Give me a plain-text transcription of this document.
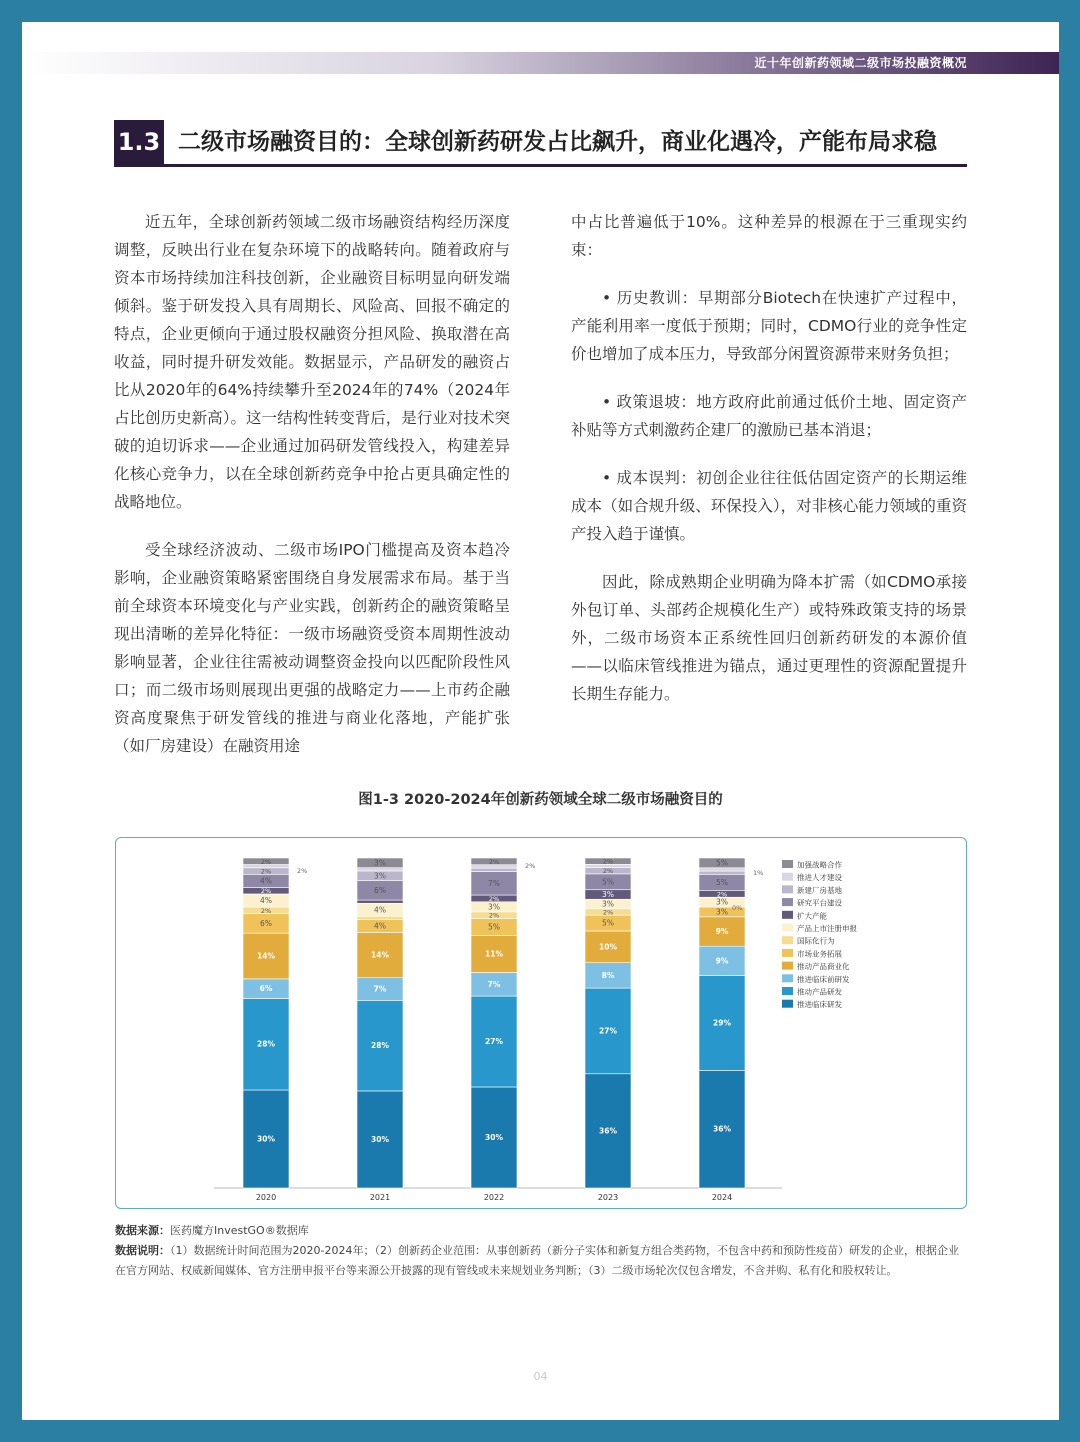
近十年创新药领域二级市场投融资概况
1.3 二级市场融资目的：全球创新药研发占比飙升，商业化遇冷，产能布局求稳

近五年，全球创新药领域二级市场融资结构经历深度调整，反映出行业在复杂环境下的战略转向。随着政府与资本市场持续加注科技创新，企业融资目标明显向研发端倾斜。鉴于研发投入具有周期长、风险高、回报不确定的特点，企业更倾向于通过股权融资分担风险、换取潜在高收益，同时提升研发效能。数据显示，产品研发的融资占比从2020年的64%持续攀升至2024年的74%（2024年占比创历史新高）。这一结构性转变背后，是行业对技术突破的迫切诉求——企业通过加码研发管线投入，构建差异化核心竞争力，以在全球创新药竞争中抢占更具确定性的战略地位。

受全球经济波动、二级市场IPO门槛提高及资本趋冷影响，企业融资策略紧密围绕自身发展需求布局。基于当前全球资本环境变化与产业实践，创新药企的融资策略呈现出清晰的差异化特征：一级市场融资受资本周期性波动影响显著，企业往往需被动调整资金投向以匹配阶段性风口；而二级市场则展现出更强的战略定力——上市药企融资高度聚焦于研发管线的推进与商业化落地，产能扩张（如厂房建设）在融资用途

中占比普遍低于10%。这种差异的根源在于三重现实约束：

• 历史教训：早期部分Biotech在快速扩产过程中，产能利用率一度低于预期；同时，CDMO行业的竞争性定价也增加了成本压力，导致部分闲置资源带来财务负担；

• 政策退坡：地方政府此前通过低价土地、固定资产补贴等方式刺激药企建厂的激励已基本消退；

• 成本误判：初创企业往往低估固定资产的长期运维成本（如合规升级、环保投入），对非核心能力领域的重资产投入趋于谨慎。

因此，除成熟期企业明确为降本扩需（如CDMO承接外包订单、头部药企规模化生产）或特殊政策支持的场景外，二级市场资本正系统性回归创新药研发的本源价值——以临床管线推进为锚点，通过更理性的资源配置提升长期生存能力。

图1-3 2020-2024年创新药领域全球二级市场融资目的
30%
28%
6%
14%
6%
2%
4%
2%
4%
2%
2%
2020
30%
28%
7%
14%
4%
4%
6%
3%
3%
2021
30%
27%
7%
11%
5%
2%
3%
2%
7%
2%
2022
36%
27%
8%
10%
5%
2%
3%
3%
5%
2%
2%
2023
36%
29%
9%
9%
3%
3%
2%
5%
5%
2024
2%
2%
1%
0%
加强战略合作
推进人才建设
新建厂房基地
研究平台建设
扩大产能
产品上市注册申报
国际化行为
市场业务拓展
推动产品商业化
推进临床前研发
推动产品研发
推进临床研发
数据来源：医药魔方InvestGO®数据库
数据说明：（1）数据统计时间范围为2020-2024年；（2）创新药企业范围：从事创新药（新分子实体和新复方组合类药物，不包含中药和预防性疫苗）研发的企业，根据企业在官方网站、权威新闻媒体、官方注册申报平台等来源公开披露的现有管线或未来规划业务判断；（3）二级市场轮次仅包含增发，不含并购、私有化和股权转让。
04
